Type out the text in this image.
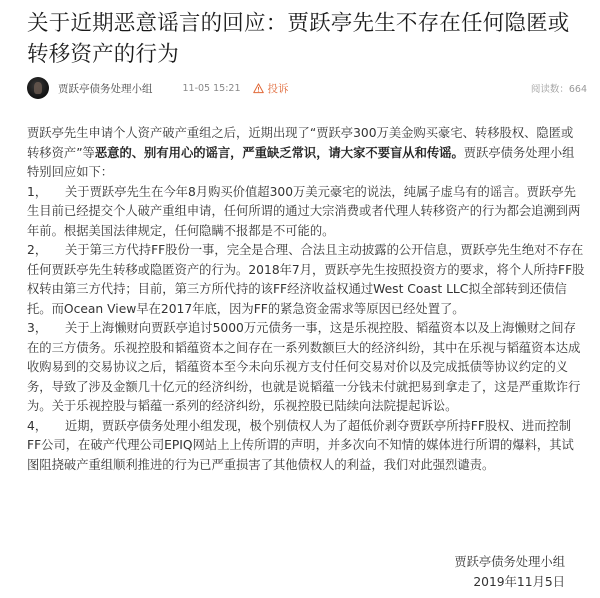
关于近期恶意谣言的回应：贾跃亭先生不存在任何隐匿或转移资产的行为
贾跃亭债务处理小组	11-05 15:21	投诉	阅读数：664

贾跃亭先生申请个人资产破产重组之后，近期出现了“贾跃亭300万美金购买豪宅、转移股权、隐匿或转移资产”等恶意的、别有用心的谣言，严重缺乏常识，请大家不要盲从和传谣。贾跃亭债务处理小组特别回应如下：

1， 关于贾跃亭先生在今年8月购买价值超300万美元豪宅的说法，纯属子虚乌有的谣言。贾跃亭先生目前已经提交个人破产重组申请，任何所谓的通过大宗消费或者代理人转移资产的行为都会追溯到两年前。根据美国法律规定，任何隐瞒不报都是不可能的。

2， 关于第三方代持FF股份一事，完全是合理、合法且主动披露的公开信息，贾跃亭先生绝对不存在任何贾跃亭先生转移或隐匿资产的行为。2018年7月，贾跃亭先生按照投资方的要求，将个人所持FF股权转由第三方代持；目前，第三方所代持的该FF经济收益权通过West Coast LLC拟全部转到还债信托。而Ocean View早在2017年底，因为FF的紧急资金需求等原因已经处置了。

3， 关于上海懒财向贾跃亭追讨5000万元债务一事，这是乐视控股、韬蕴资本以及上海懒财之间存在的三方债务。乐视控股和韬蕴资本之间存在一系列数额巨大的经济纠纷，其中在乐视与韬蕴资本达成收购易到的交易协议之后，韬蕴资本至今未向乐视方支付任何交易对价以及完成抵债等协议约定的义务，导致了涉及金额几十亿元的经济纠纷，也就是说韬蕴一分钱未付就把易到拿走了，这是严重欺诈行为。关于乐视控股与韬蕴一系列的经济纠纷，乐视控股已陆续向法院提起诉讼。

4， 近期，贾跃亭债务处理小组发现，极个别债权人为了超低价剥夺贾跃亭所持FF股权、进而控制FF公司，在破产代理公司EPIQ网站上上传所谓的声明，并多次向不知情的媒体进行所谓的爆料，其试图阻挠破产重组顺利推进的行为已严重损害了其他债权人的利益，我们对此强烈谴责。

贾跃亭债务处理小组
2019年11月5日
